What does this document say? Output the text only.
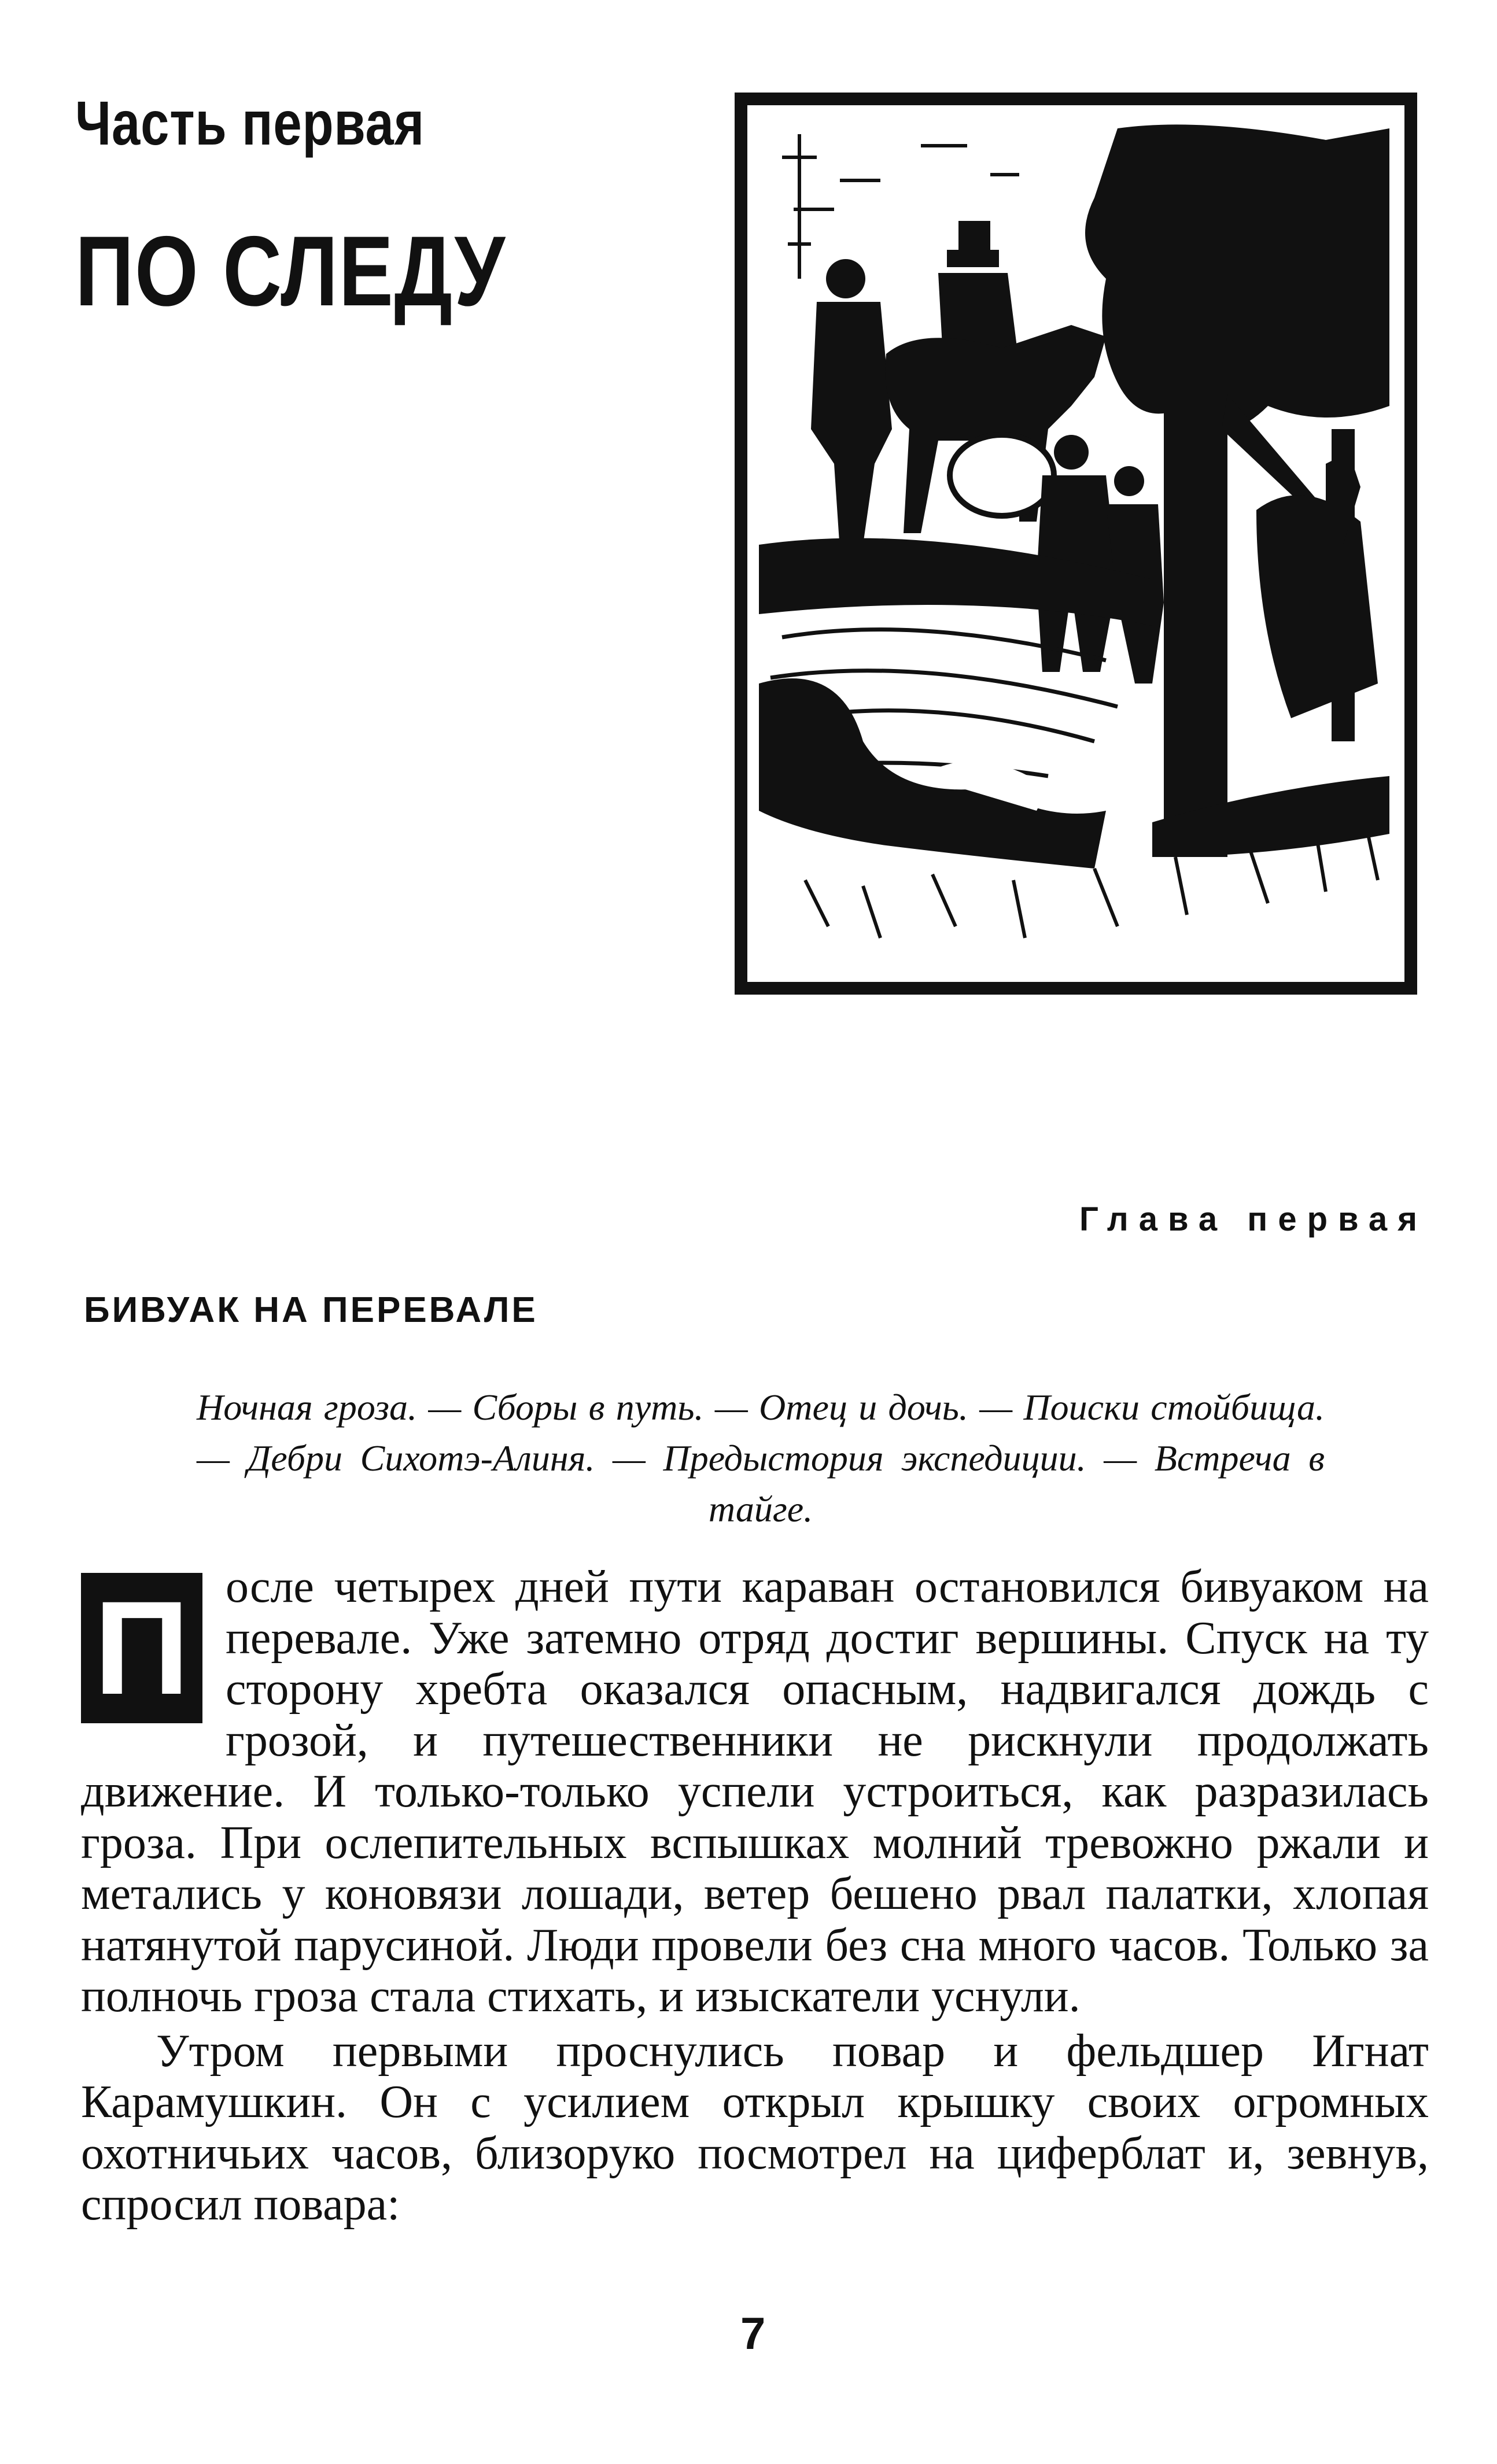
Часть первая
ПО СЛЕДУ
Глава первая
БИВУАК НА ПЕРЕВАЛЕ
Ночная гроза. — Сборы в путь. — Отец и дочь. — Поиски стойбища. — Дебри Сихотэ-Алиня. — Предыстория экспедиции. — Встреча в тайге.
П осле четырех дней пути караван остановился бивуаком на перевале. Уже затемно отряд достиг вершины. Спуск на ту сторону хребта оказался опасным, надвигался дождь с грозой, и путешественники не рискнули продолжать движение. И только-только успели устроиться, как разразилась гроза. При ослепительных вспышках молний тревожно ржали и метались у коновязи лошади, ветер бешено рвал палатки, хлопая натянутой парусиной. Люди провели без сна много часов. Только за полночь гроза стала стихать, и изыскатели уснули.

Утром первыми проснулись повар и фельдшер Игнат Карамушкин. Он с усилием открыл крышку своих огромных охотничьих часов, близоруко посмотрел на циферблат и, зевнув, спросил повара:

7
